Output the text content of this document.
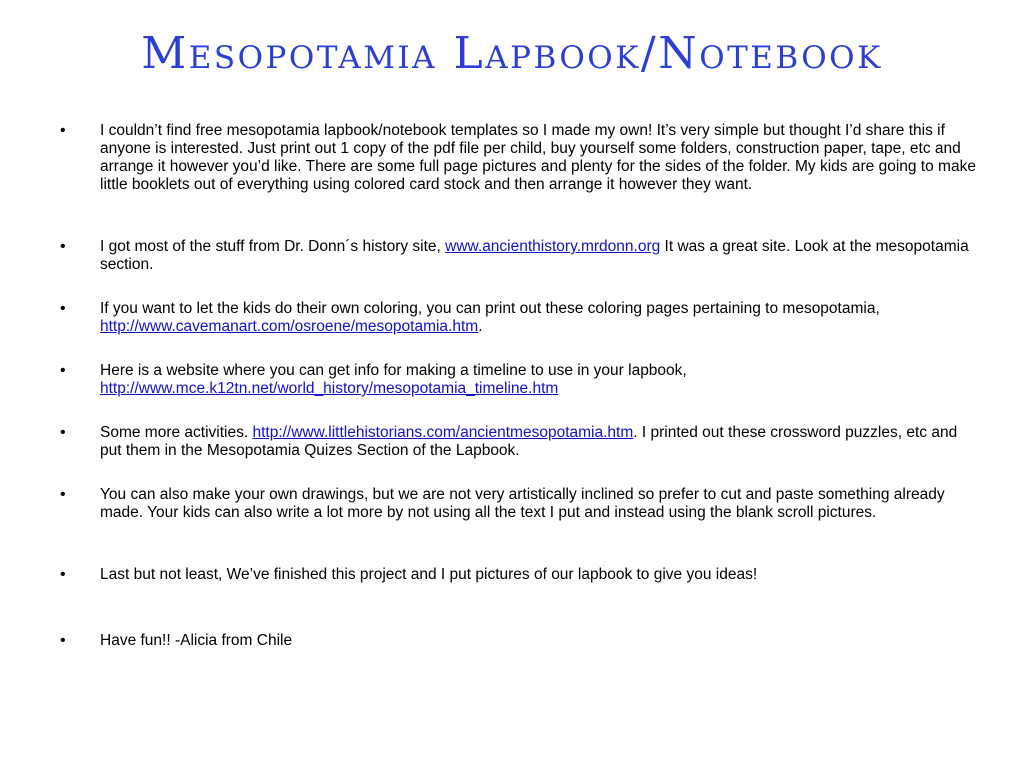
Mesopotamia Lapbook/Notebook
• I couldn’t find free mesopotamia lapbook/notebook templates so I made my own! It’s very simple but thought I’d share this if anyone is interested. Just print out 1 copy of the pdf file per child, buy yourself some folders, construction paper, tape, etc and arrange it however you’d like. There are some full page pictures and plenty for the sides of the folder. My kids are going to make little booklets out of everything using colored card stock and then arrange it however they want.
• I got most of the stuff from Dr. Donn´s history site, www.ancienthistory.mrdonn.org It was a great site. Look at the mesopotamia section.
• If you want to let the kids do their own coloring, you can print out these coloring pages pertaining to mesopotamia,
http://www.cavemanart.com/osroene/mesopotamia.htm.
• Here is a website where you can get info for making a timeline to use in your lapbook,
http://www.mce.k12tn.net/world_history/mesopotamia_timeline.htm
• Some more activities. http://www.littlehistorians.com/ancientmesopotamia.htm. I printed out these crossword puzzles, etc and put them in the Mesopotamia Quizes Section of the Lapbook.
• You can also make your own drawings, but we are not very artistically inclined so prefer to cut and paste something already made. Your kids can also write a lot more by not using all the text I put and instead using the blank scroll pictures.
• Last but not least, We’ve finished this project and I put pictures of our lapbook to give you ideas!
• Have fun!! -Alicia from Chile
